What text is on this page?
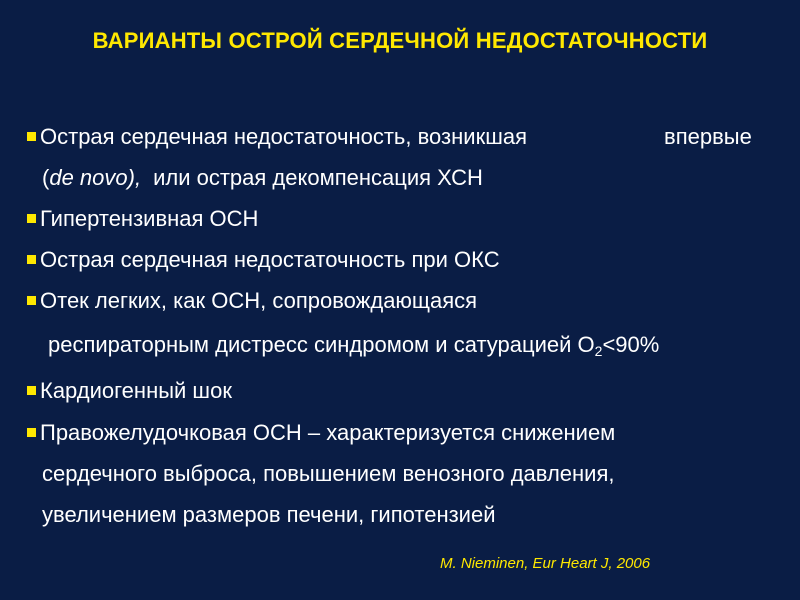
ВАРИАНТЫ ОСТРОЙ СЕРДЕЧНОЙ НЕДОСТАТОЧНОСТИ
Острая сердечная недостаточность, возникшая	впервые
(de novo), или острая декомпенсация ХСН
Гипертензивная ОСН
Острая сердечная недостаточность при ОКС
Отек легких, как ОСН, сопровождающаяся
респираторным дистресс синдромом и сатурацией $О_2<90\%$
Кардиогенный шок
Правожелудочковая ОСН – характеризуется снижением
сердечного выброса, повышением венозного давления,
увеличением размеров печени, гипотензией
M. Nieminen, Eur Heart J, 2006
